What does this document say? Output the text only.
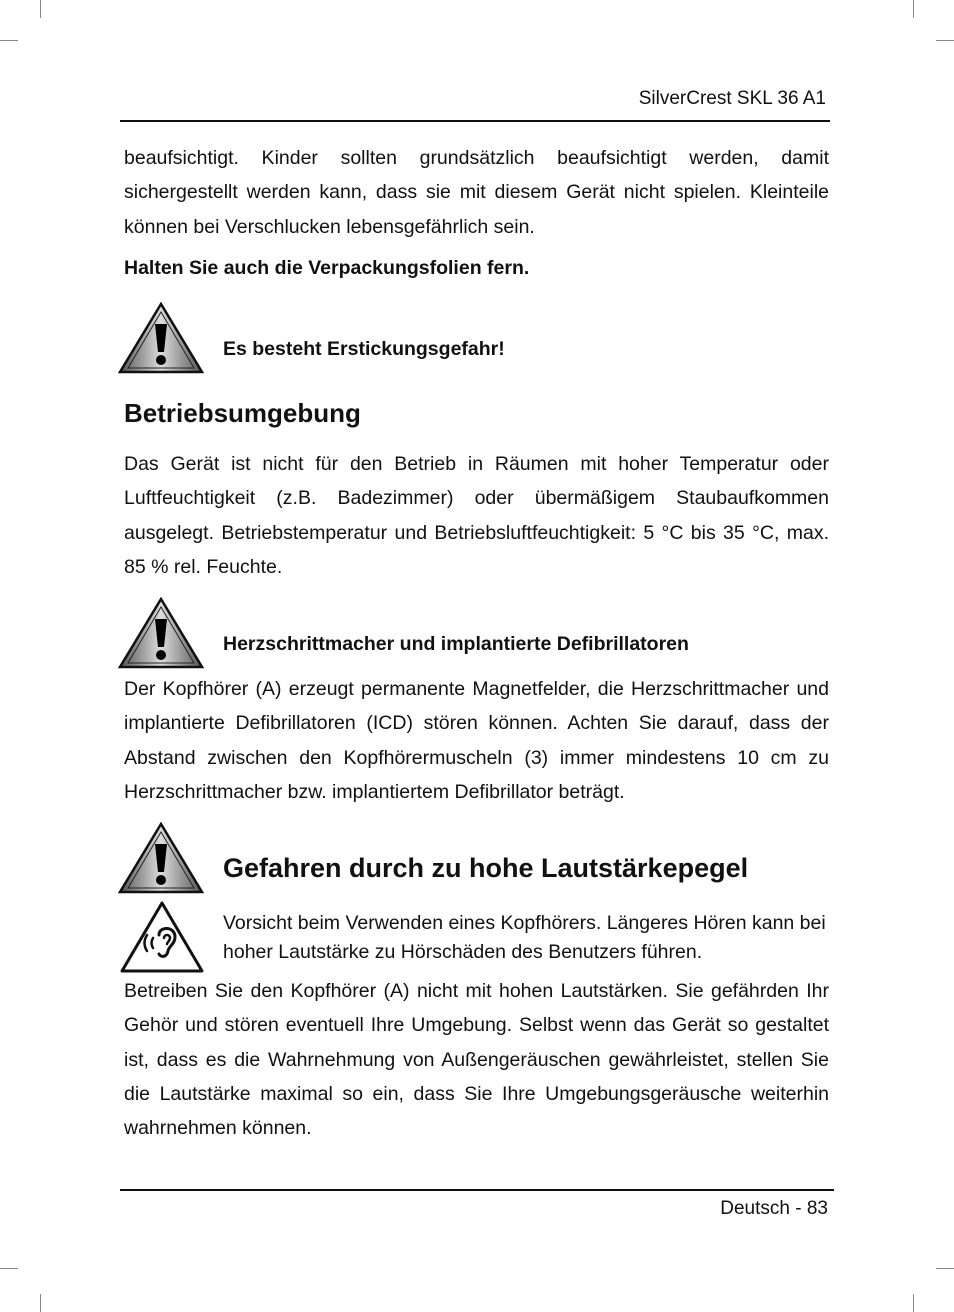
SilverCrest SKL 36 A1

beaufsichtigt. Kinder sollten grundsätzlich beaufsichtigt werden, damit sichergestellt werden kann, dass sie mit diesem Gerät nicht spielen. Kleinteile können bei Verschlucken lebensgefährlich sein.

Halten Sie auch die Verpackungsfolien fern.

Es besteht Erstickungsgefahr!

Betriebsumgebung

Das Gerät ist nicht für den Betrieb in Räumen mit hoher Temperatur oder Luftfeuchtigkeit (z.B. Badezimmer) oder übermäßigem Staubaufkommen ausgelegt. Betriebstemperatur und Betriebsluftfeuchtigkeit: 5 °C bis 35 °C, max. 85 % rel. Feuchte.

Herzschrittmacher und implantierte Defibrillatoren

Der Kopfhörer (A) erzeugt permanente Magnetfelder, die Herzschrittmacher und implantierte Defibrillatoren (ICD) stören können. Achten Sie darauf, dass der Abstand zwischen den Kopfhörermuscheln (3) immer mindestens 10 cm zu Herzschrittmacher bzw. implantiertem Defibrillator beträgt.

Gefahren durch zu hohe Lautstärkepegel

Vorsicht beim Verwenden eines Kopfhörers. Längeres Hören kann bei hoher Lautstärke zu Hörschäden des Benutzers führen.

Betreiben Sie den Kopfhörer (A) nicht mit hohen Lautstärken. Sie gefährden Ihr Gehör und stören eventuell Ihre Umgebung. Selbst wenn das Gerät so gestaltet ist, dass es die Wahrnehmung von Außengeräuschen gewährleistet, stellen Sie die Lautstärke maximal so ein, dass Sie Ihre Umgebungsgeräusche weiterhin wahrnehmen können.

Deutsch - 83
